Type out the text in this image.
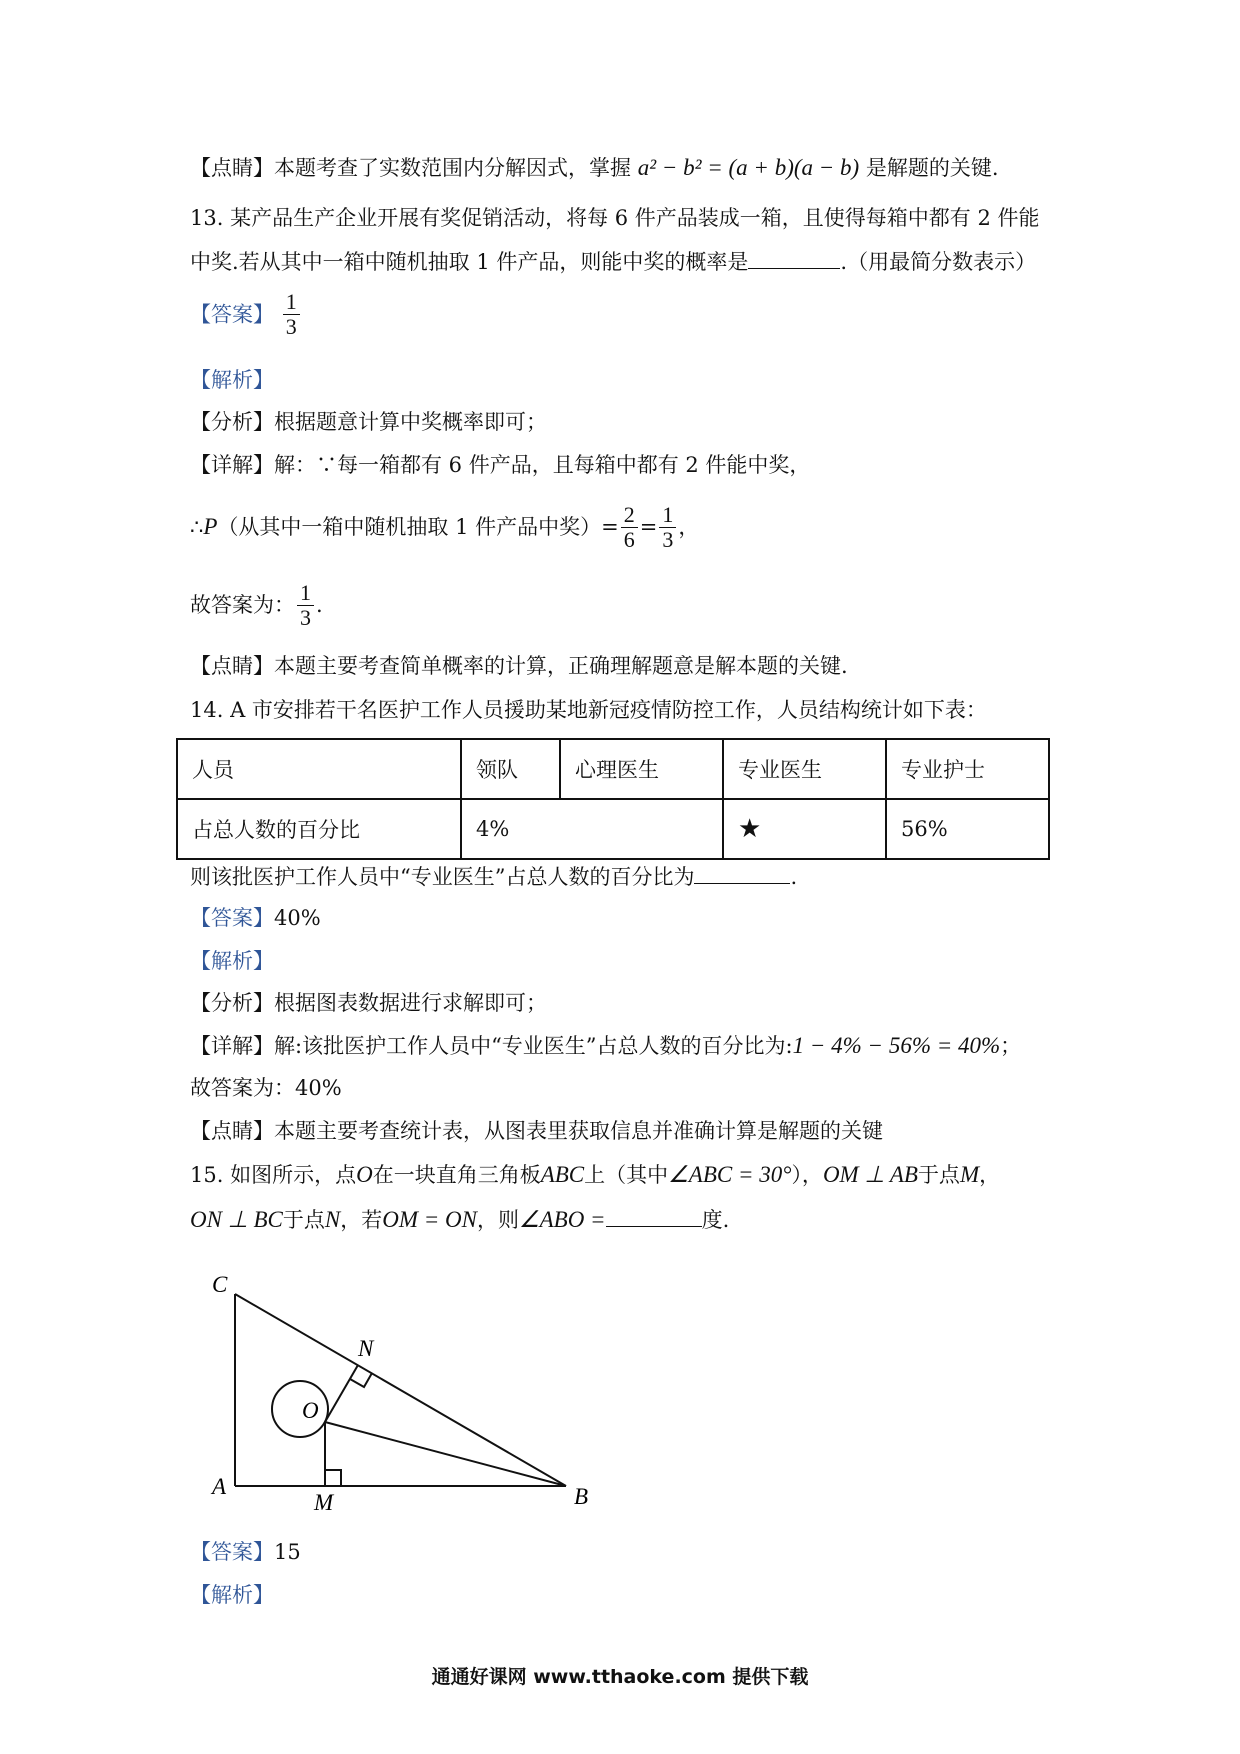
【点睛】本题考查了实数范围内分解因式，掌握 a² − b² = (a + b)(a − b) 是解题的关键.
13. 某产品生产企业开展有奖促销活动，将每 6 件产品装成一箱，且使得每箱中都有 2 件能
中奖.若从其中一箱中随机抽取 1 件产品，则能中奖的概率是	.（用最简分数表示）
【答案】 $\frac{1}{3}$
【解析】
【分析】根据题意计算中奖概率即可；
【详解】解：∵每一箱都有 6 件产品，且每箱中都有 2 件能中奖，
∴ P （从其中一箱中随机抽取 1 件产品中奖）= $\frac{2}{6} = \frac{1}{3}$ ，
故答案为： $\frac{1}{3}$ .
【点睛】本题主要考查简单概率的计算，正确理解题意是解本题的关键.
14. A 市安排若干名医护工作人员援助某地新冠疫情防控工作，人员结构统计如下表：
人员	领队	心理医生	专业医生	专业护士
占总人数的百分比	4%		★	56%
则该批医护工作人员中“专业医生”占总人数的百分比为	.
【答案】40%
【解析】
【分析】根据图表数据进行求解即可；
【详解】解:该批医护工作人员中“专业医生”占总人数的百分比为:1 − 4% − 56% = 40%；
故答案为：40%
【点睛】本题主要考查统计表，从图表里获取信息并准确计算是解题的关键
15. 如图所示，点O在一块直角三角板ABC上（其中∠ABC = 30°），OM ⊥ AB于点M，
ON ⊥ BC于点N，若OM = ON，则∠ABO =	度.
C
A	B
M
N
O
【答案】15
【解析】
通通好课网 www.tthaoke.com 提供下载
